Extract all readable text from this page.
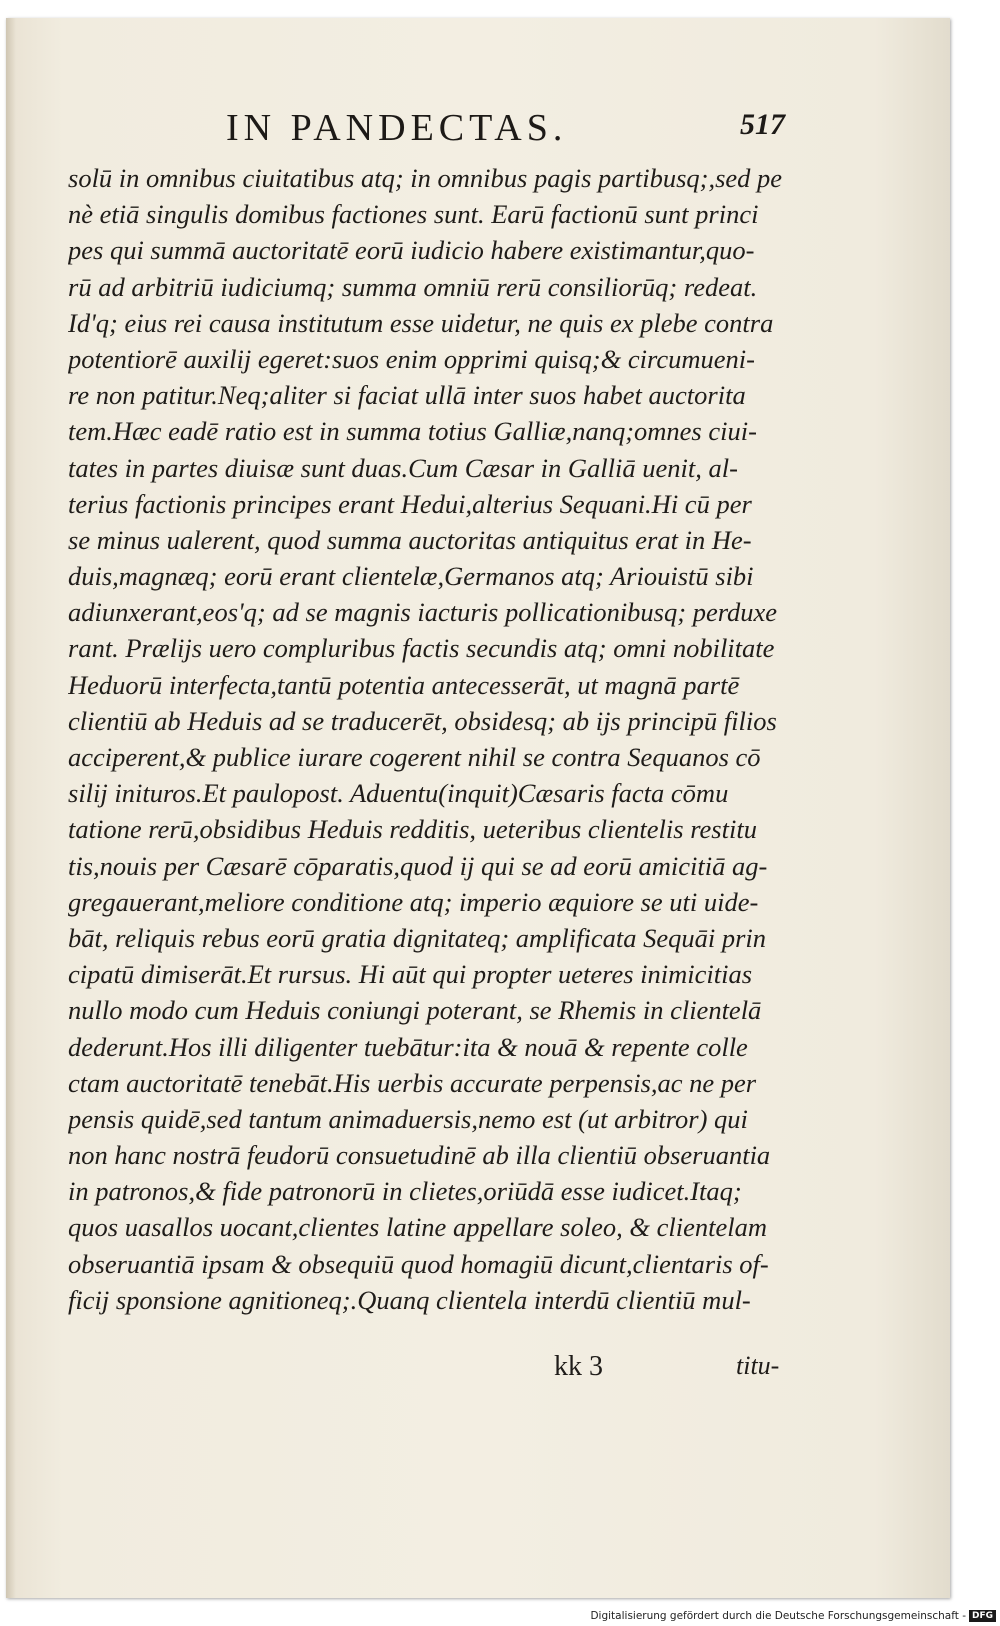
IN PANDECTAS.	517
solū in omnibus ciuitatibus atq; in omnibus pagis partibusq;,sed pe
nè etiā singulis domibus factiones sunt. Earū factionū sunt princi
pes qui summā auctoritatē eorū iudicio habere existimantur,quo-
rū ad arbitriū iudiciumq; summa omniū rerū consiliorūq; redeat.
Id'q; eius rei causa institutum esse uidetur, ne quis ex plebe contra
potentiorē auxilij egeret:suos enim opprimi quisq;& circumueni-
re non patitur.Neq;aliter si faciat ullā inter suos habet auctorita
tem.Hæc eadē ratio est in summa totius Galliæ,nanq;omnes ciui-
tates in partes diuisæ sunt duas.Cum Cæsar in Galliā uenit, al-
terius factionis principes erant Hedui,alterius Sequani.Hi cū per
se minus ualerent, quod summa auctoritas antiquitus erat in He-
duis,magnæq; eorū erant clientelæ,Germanos atq; Ariouistū sibi
adiunxerant,eos'q; ad se magnis iacturis pollicationibusq; perduxe
rant. Prælijs uero compluribus factis secundis atq; omni nobilitate
Heduorū interfecta,tantū potentia antecesserāt, ut magnā partē
clientiū ab Heduis ad se traducerēt, obsidesq; ab ijs principū filios
acciperent,& publice iurare cogerent nihil se contra Sequanos cō
silij inituros.Et paulopost. Aduentu(inquit)Cæsaris facta cōmu
tatione rerū,obsidibus Heduis redditis, ueteribus clientelis restitu
tis,nouis per Cæsarē cōparatis,quod ij qui se ad eorū amicitiā ag-
gregauerant,meliore conditione atq; imperio æquiore se uti uide-
bāt, reliquis rebus eorū gratia dignitateq; amplificata Sequāi prin
cipatū dimiserāt.Et rursus. Hi aūt qui propter ueteres inimicitias
nullo modo cum Heduis coniungi poterant, se Rhemis in clientelā
dederunt.Hos illi diligenter tuebātur:ita & nouā & repente colle
ctam auctoritatē tenebāt.His uerbis accurate perpensis,ac ne per
pensis quidē,sed tantum animaduersis,nemo est (ut arbitror) qui
non hanc nostrā feudorū consuetudinē ab illa clientiū obseruantia
in patronos,& fide patronorū in clietes,oriūdā esse iudicet.Itaq;
quos uasallos uocant,clientes latine appellare soleo, & clientelam
obseruantiā ipsam & obsequiū quod homagiū dicunt,clientaris of-
ficij sponsione agnitioneq;.Quanq clientela interdū clientiū mul-
kk 3	titu-
Digitalisierung gefördert durch die Deutsche Forschungsgemeinschaft - DFG
